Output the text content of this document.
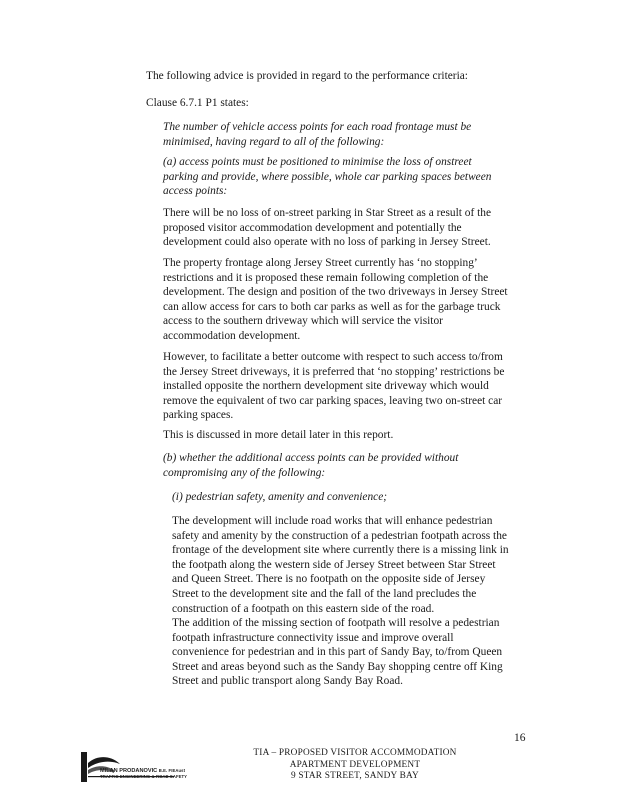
The following advice is provided in regard to the performance criteria:

Clause 6.7.1 P1 states:

The number of vehicle access points for each road frontage must be minimised, having regard to all of the following:

(a) access points must be positioned to minimise the loss of onstreet parking and provide, where possible, whole car parking spaces between access points:

There will be no loss of on-street parking in Star Street as a result of the proposed visitor accommodation development and potentially the development could also operate with no loss of parking in Jersey Street.

The property frontage along Jersey Street currently has ‘no stopping’ restrictions and it is proposed these remain following completion of the development. The design and position of the two driveways in Jersey Street can allow access for cars to both car parks as well as for the garbage truck access to the southern driveway which will service the visitor accommodation development.

However, to facilitate a better outcome with respect to such access to/from the Jersey Street driveways, it is preferred that ‘no stopping’ restrictions be installed opposite the northern development site driveway which would remove the equivalent of two car parking spaces, leaving two on-street car parking spaces.

This is discussed in more detail later in this report.

(b) whether the additional access points can be provided without compromising any of the following:

(i) pedestrian safety, amenity and convenience;

The development will include road works that will enhance pedestrian safety and amenity by the construction of a pedestrian footpath across the frontage of the development site where currently there is a missing link in the footpath along the western side of Jersey Street between Star Street and Queen Street. There is no footpath on the opposite side of Jersey Street to the development site and the fall of the land precludes the construction of a footpath on this eastern side of the road.

The addition of the missing section of footpath will resolve a pedestrian footpath infrastructure connectivity issue and improve overall convenience for pedestrian and in this part of Sandy Bay, to/from Queen Street and areas beyond such as the Sandy Bay shopping centre off King Street and public transport along Sandy Bay Road.

16
TIA – PROPOSED VISITOR ACCOMMODATION
APARTMENT DEVELOPMENT
9 STAR STREET, SANDY BAY
MILAN PRODANOVIC B.E. FIEAust
TRAFFIC ENGINEERING & ROAD SAFETY
